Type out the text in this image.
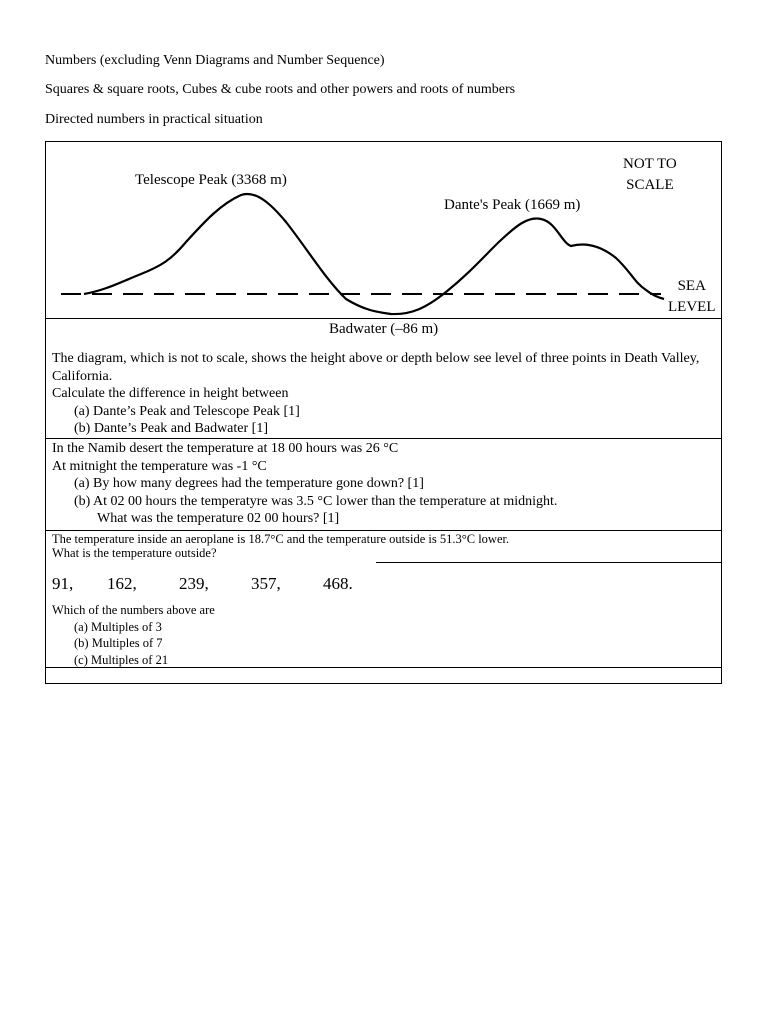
Numbers (excluding Venn Diagrams and Number Sequence)
Squares & square roots, Cubes & cube roots and other powers and roots of numbers
Directed numbers in practical situation
NOT TO
SCALE
Telescope Peak (3368 m)
Dante's Peak (1669 m)
Badwater (–86 m)
SEA
LEVEL
The diagram, which is not to scale, shows the height above or depth below see level of three points in Death Valley, California.
Calculate the difference in height between
(a) Dante’s Peak and Telescope Peak [1]
(b) Dante’s Peak and Badwater [1]
In the Namib desert the temperature at 18 00 hours was 26 °C
At mitnight the temperature was -1 °C
(a) By how many degrees had the temperature gone down? [1]
(b) At 02 00 hours the temperatyre was 3.5 °C lower than the temperature at midnight.
What was the temperature 02 00 hours? [1]
The temperature inside an aeroplane is 18.7°C and the temperature outside is 51.3°C lower.
What is the temperature outside?
91, 162, 239, 357, 468.
Which of the numbers above are
(a) Multiples of 3
(b) Multiples of 7
(c) Multiples of 21
